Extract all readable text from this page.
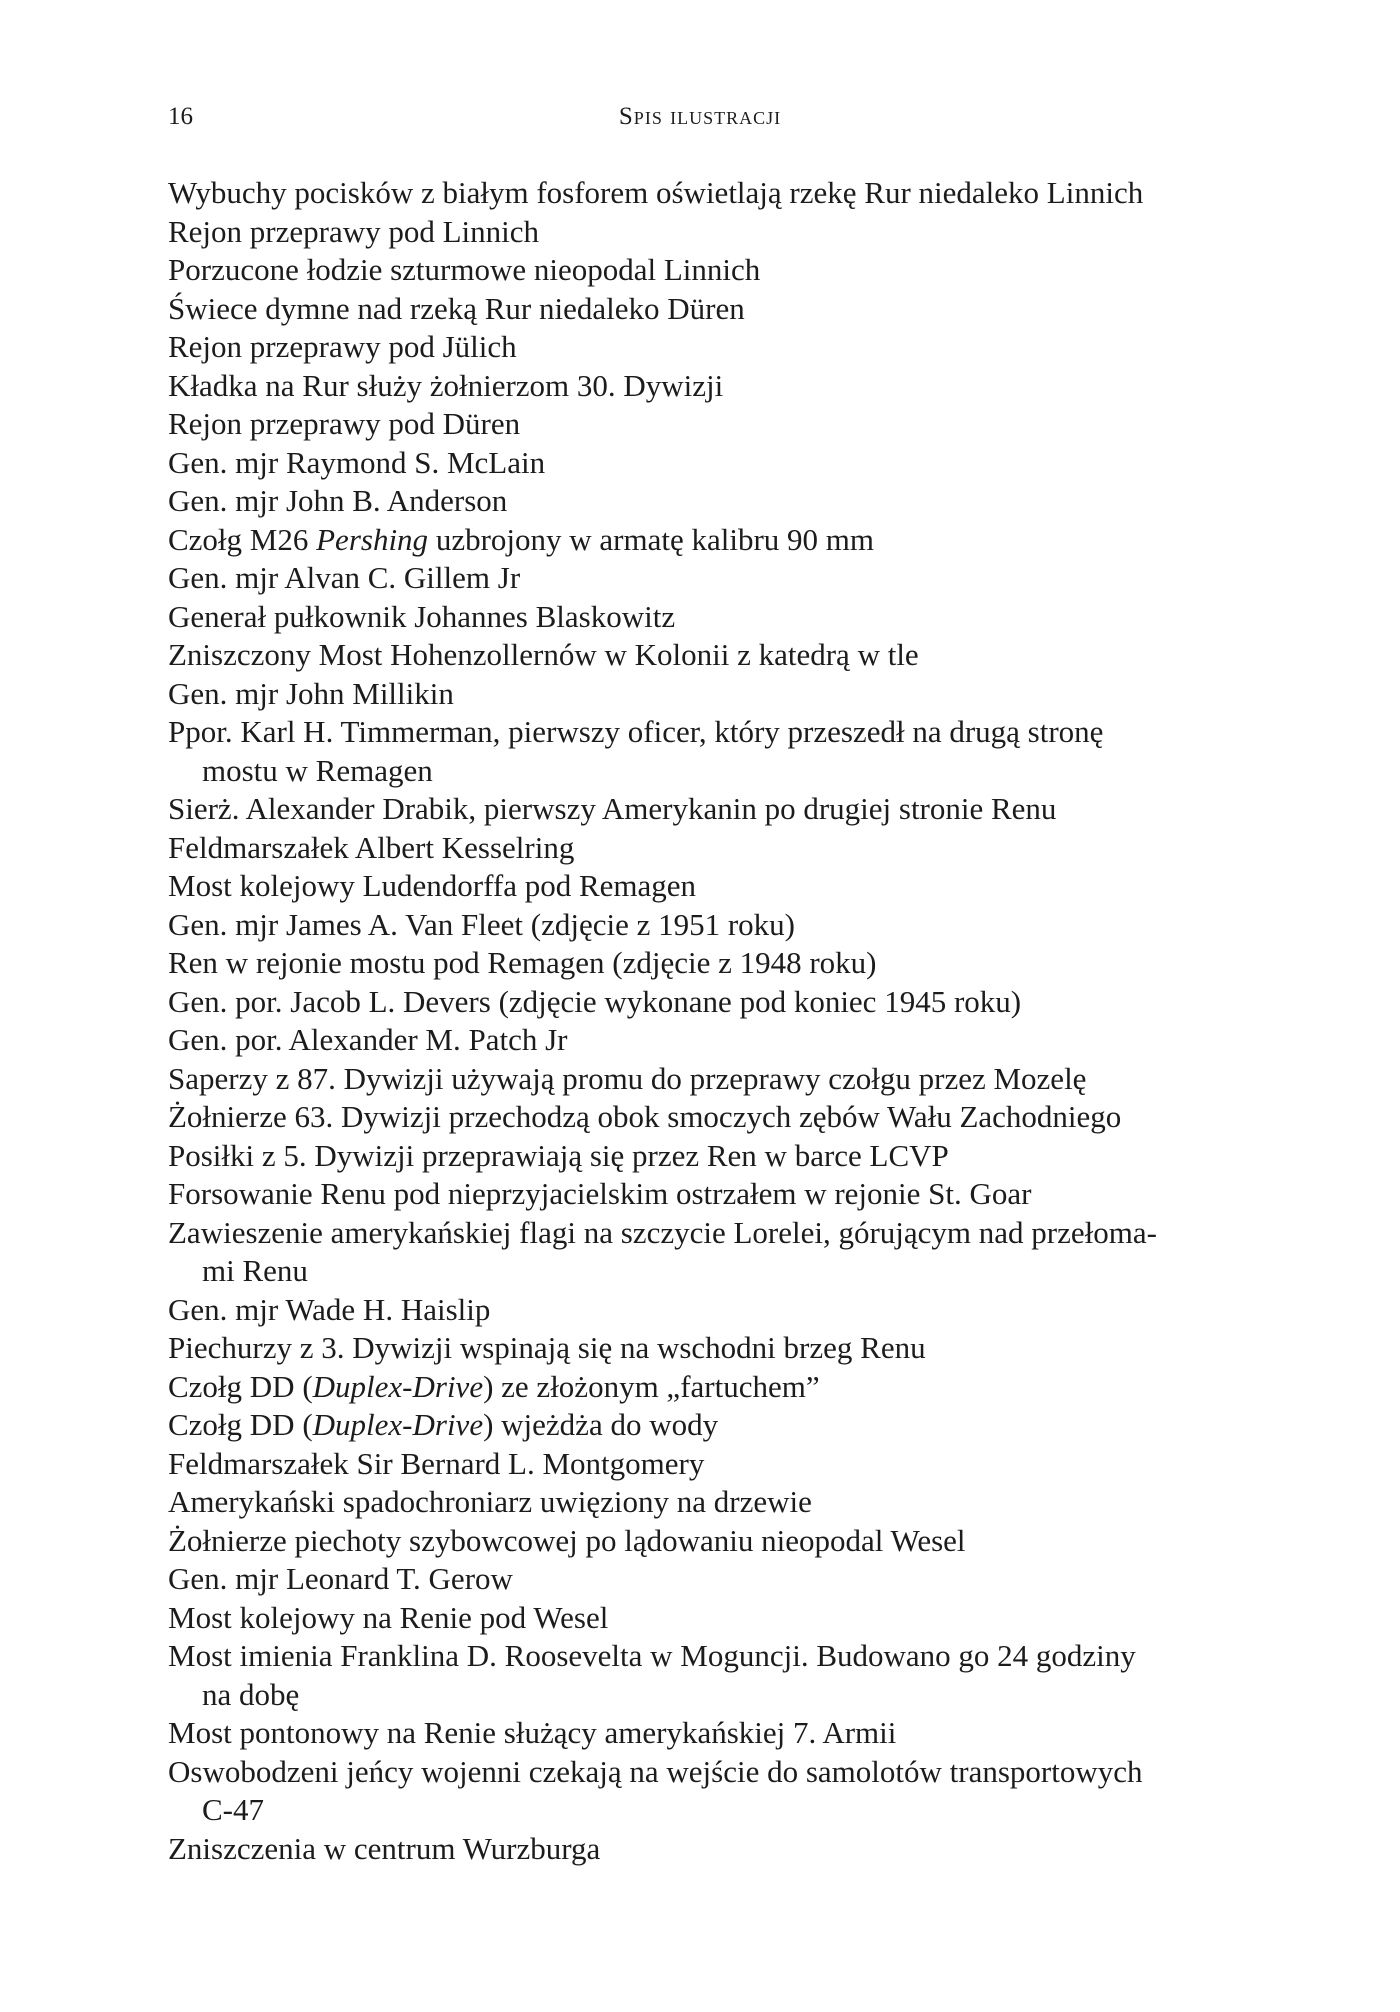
16	Spis ilustracji
Wybuchy pocisków z białym fosforem oświetlają rzekę Rur niedaleko Linnich
Rejon przeprawy pod Linnich
Porzucone łodzie szturmowe nieopodal Linnich
Świece dymne nad rzeką Rur niedaleko Düren
Rejon przeprawy pod Jülich
Kładka na Rur służy żołnierzom 30. Dywizji
Rejon przeprawy pod Düren
Gen. mjr Raymond S. McLain
Gen. mjr John B. Anderson
Czołg M26 Pershing uzbrojony w armatę kalibru 90 mm
Gen. mjr Alvan C. Gillem Jr
Generał pułkownik Johannes Blaskowitz
Zniszczony Most Hohenzollernów w Kolonii z katedrą w tle
Gen. mjr John Millikin
Ppor. Karl H. Timmerman, pierwszy oficer, który przeszedł na drugą stronę
mostu w Remagen
Sierż. Alexander Drabik, pierwszy Amerykanin po drugiej stronie Renu
Feldmarszałek Albert Kesselring
Most kolejowy Ludendorffa pod Remagen
Gen. mjr James A. Van Fleet (zdjęcie z 1951 roku)
Ren w rejonie mostu pod Remagen (zdjęcie z 1948 roku)
Gen. por. Jacob L. Devers (zdjęcie wykonane pod koniec 1945 roku)
Gen. por. Alexander M. Patch Jr
Saperzy z 87. Dywizji używają promu do przeprawy czołgu przez Mozelę
Żołnierze 63. Dywizji przechodzą obok smoczych zębów Wału Zachodniego
Posiłki z 5. Dywizji przeprawiają się przez Ren w barce LCVP
Forsowanie Renu pod nieprzyjacielskim ostrzałem w rejonie St. Goar
Zawieszenie amerykańskiej flagi na szczycie Lorelei, górującym nad przełoma-
mi Renu
Gen. mjr Wade H. Haislip
Piechurzy z 3. Dywizji wspinają się na wschodni brzeg Renu
Czołg DD (Duplex-Drive) ze złożonym „fartuchem”
Czołg DD (Duplex-Drive) wjeżdża do wody
Feldmarszałek Sir Bernard L. Montgomery
Amerykański spadochroniarz uwięziony na drzewie
Żołnierze piechoty szybowcowej po lądowaniu nieopodal Wesel
Gen. mjr Leonard T. Gerow
Most kolejowy na Renie pod Wesel
Most imienia Franklina D. Roosevelta w Moguncji. Budowano go 24 godziny
na dobę
Most pontonowy na Renie służący amerykańskiej 7. Armii
Oswobodzeni jeńcy wojenni czekają na wejście do samolotów transportowych
C-47
Zniszczenia w centrum Wurzburga
